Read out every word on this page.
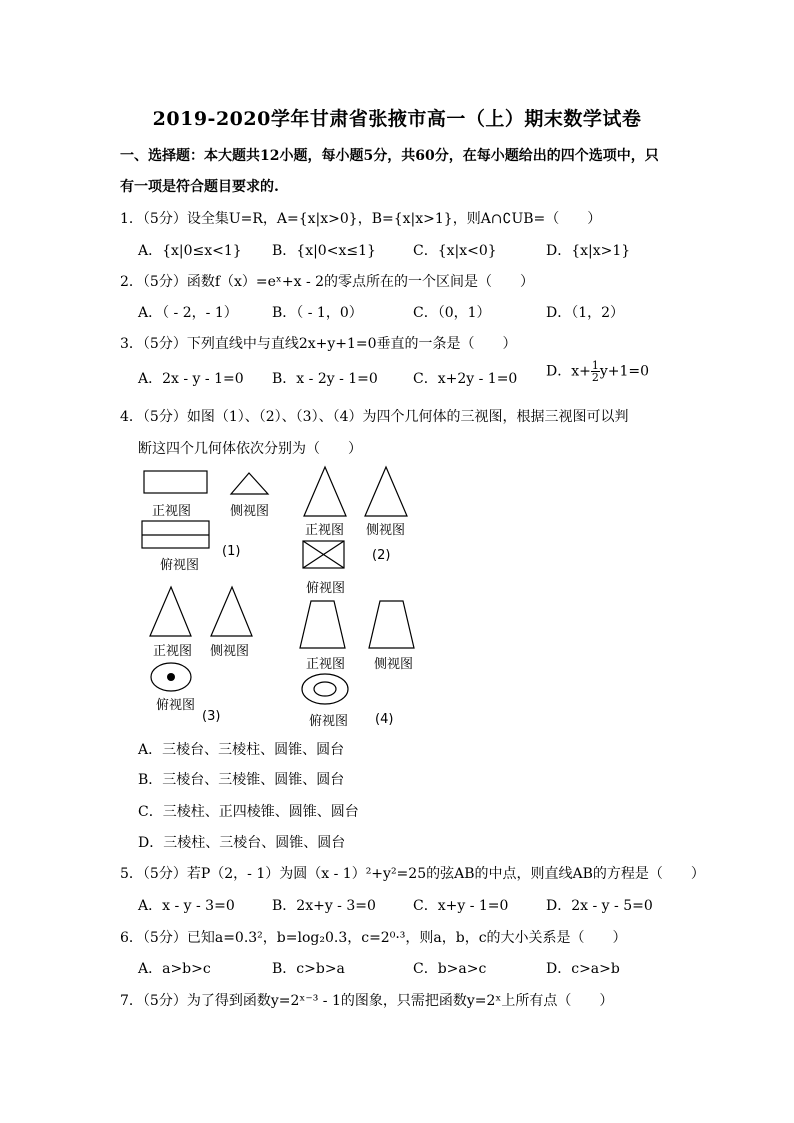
2019-2020学年甘肃省张掖市高一（上）期末数学试卷
一、选择题：本大题共12小题，每小题5分，共60分，在每小题给出的四个选项中，只
有一项是符合题目要求的.
1．（5分）设全集U=R，A={x|x>0}，B={x|x>1}，则A∩∁UB=（　　）
A．{x|0≤x<1} B．{x|0<x≤1}	C．{x|x<0}	D．{x|x>1}
2．（5分）函数f（x）=eˣ+x - 2的零点所在的一个区间是（　　）
A．（ - 2，- 1） B．（ - 1，0）	C．（0，1）	D．（1，2）
3．（5分）下列直线中与直线2x+y+1=0垂直的一条是（　　）
A．2x - y - 1=0 B．x - 2y - 1=0	C．x+2y - 1=0 D．$x+ \frac{1}{2} y+1=0$
4．（5分）如图（1）、（2）、（3）、（4）为四个几何体的三视图，根据三视图可以判
断这四个几何体依次分别为（　　）
正视图	侧视图
俯视图
(1)
正视图 侧视图
俯视图
(2)
正视图 侧视图
俯视图
(3)
正视图 侧视图
俯视图 (4)
A．三棱台、三棱柱、圆锥、圆台
B．三棱台、三棱锥、圆锥、圆台
C．三棱柱、正四棱锥、圆锥、圆台
D．三棱柱、三棱台、圆锥、圆台
5．（5分）若P（2，- 1）为圆（x - 1）²+y²=25的弦AB的中点，则直线AB的方程是（　　）
A．x - y - 3=0	B．2x+y - 3=0	C．x+y - 1=0	D．2x - y - 5=0
6．（5分）已知a=0.3²，b=log₂0.3，c=2⁰·³，则a，b，c的大小关系是（　　）
A．a>b>c	B．c>b>a	C．b>a>c	D．c>a>b
7．（5分）为了得到函数y=2ˣ⁻³ - 1的图象，只需把函数y=2ˣ上所有点（　　）
